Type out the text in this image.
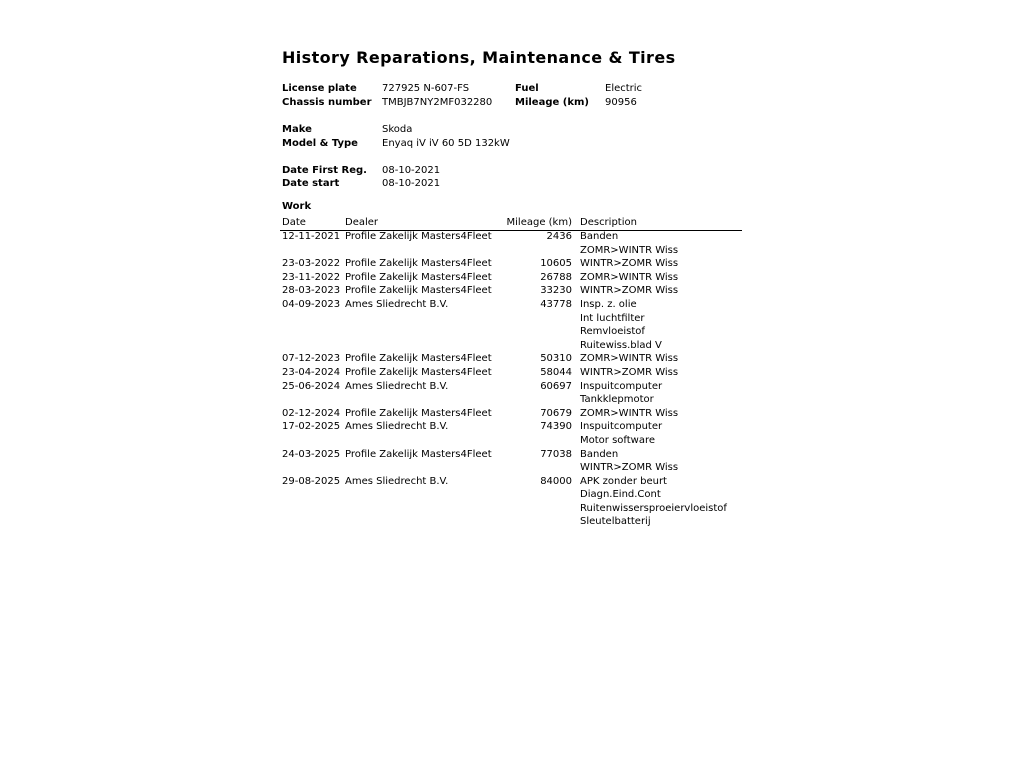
History Reparations, Maintenance & Tires
License plate	727925 N-607-FS	Fuel	Electric
Chassis number TMBJB7NY2MF032280 Mileage (km) 90956
Make	Skoda
Model & Type Enyaq iV iV 60 5D 132kW
Date First Reg. 08-10-2021
Date start	08-10-2021
Work
Date	Dealer	Mileage (km) Description
12-11-2021 Profile Zakelijk Masters4Fleet	2436 Banden
ZOMR>WINTR Wiss
23-03-2022 Profile Zakelijk Masters4Fleet	10605 WINTR>ZOMR Wiss
23-11-2022 Profile Zakelijk Masters4Fleet	26788 ZOMR>WINTR Wiss
28-03-2023 Profile Zakelijk Masters4Fleet	33230 WINTR>ZOMR Wiss
04-09-2023 Ames Sliedrecht B.V.	43778 Insp. z. olie
Int luchtfilter
Remvloeistof
Ruitewiss.blad V
07-12-2023 Profile Zakelijk Masters4Fleet	50310 ZOMR>WINTR Wiss
23-04-2024 Profile Zakelijk Masters4Fleet	58044 WINTR>ZOMR Wiss
25-06-2024 Ames Sliedrecht B.V.	60697 Inspuitcomputer
Tankklepmotor
02-12-2024 Profile Zakelijk Masters4Fleet	70679 ZOMR>WINTR Wiss
17-02-2025 Ames Sliedrecht B.V.	74390 Inspuitcomputer
Motor software
24-03-2025 Profile Zakelijk Masters4Fleet	77038 Banden
WINTR>ZOMR Wiss
29-08-2025 Ames Sliedrecht B.V.	84000 APK zonder beurt
Diagn.Eind.Cont
Ruitenwissersproeiervloeistof
Sleutelbatterij
